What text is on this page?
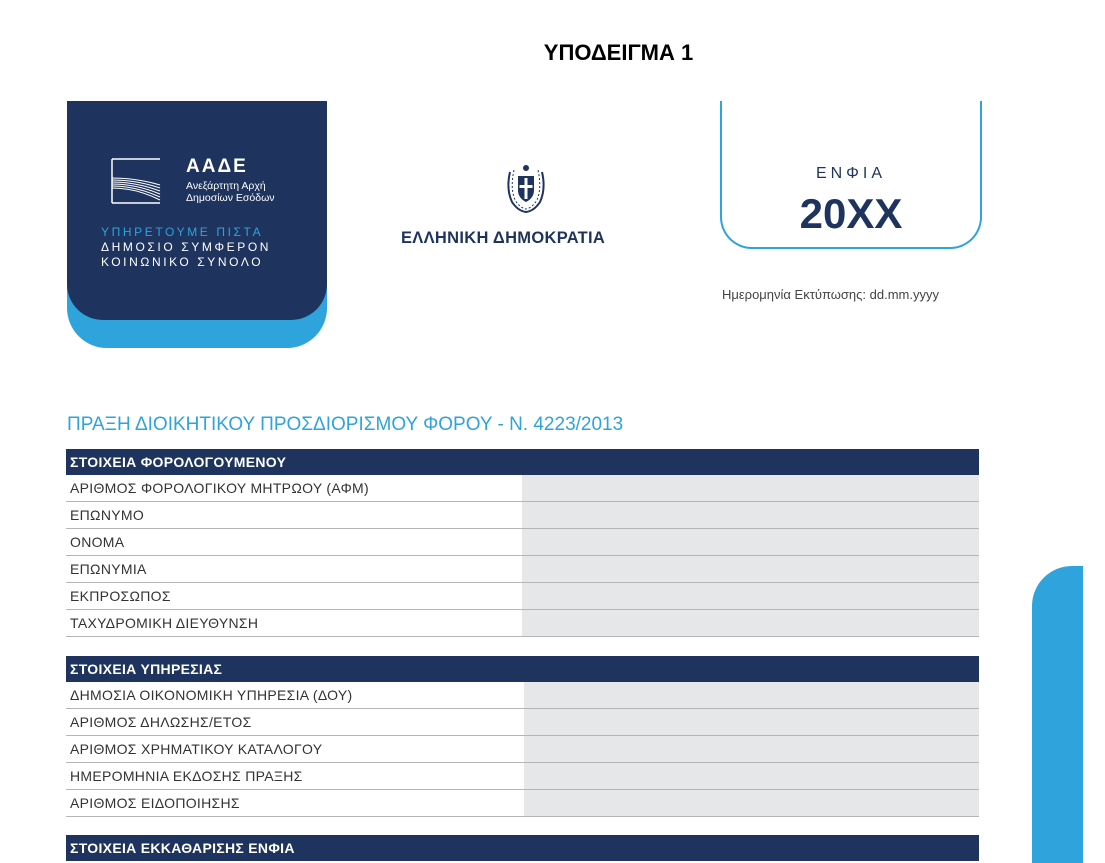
ΥΠΟΔΕΙΓΜΑ 1
ΑΑΔΕ
Ανεξάρτητη Αρχή
Δημοσίων Εσόδων
ΥΠΗΡΕΤΟΥΜΕ ΠΙΣΤΑ
ΔΗΜΟΣΙΟ ΣΥΜΦΕΡΟΝ
ΚΟΙΝΩΝΙΚΟ ΣΥΝΟΛΟ
ΕΛΛΗΝΙΚΗ ΔΗΜΟΚΡΑΤΙΑ
ΕΝΦΙΑ
20XX
Ημερομηνία Εκτύπωσης: dd.mm.yyyy
ΠΡΑΞΗ ΔΙΟΙΚΗΤΙΚΟΥ ΠΡΟΣΔΙΟΡΙΣΜΟΥ ΦΟΡΟΥ - Ν. 4223/2013
ΣΤΟΙΧΕΙΑ ΦΟΡΟΛΟΓΟΥΜΕΝΟΥ
ΑΡΙΘΜΟΣ ΦΟΡΟΛΟΓΙΚΟΥ ΜΗΤΡΩΟΥ (ΑΦΜ)
ΕΠΩΝΥΜΟ
ΟΝΟΜΑ
ΕΠΩΝΥΜΙΑ
ΕΚΠΡΟΣΩΠΟΣ
ΤΑΧΥΔΡΟΜΙΚΗ ΔΙΕΥΘΥΝΣΗ
ΣΤΟΙΧΕΙΑ ΥΠΗΡΕΣΙΑΣ
ΔΗΜΟΣΙΑ ΟΙΚΟΝΟΜΙΚΗ ΥΠΗΡΕΣΙΑ (ΔΟΥ)
ΑΡΙΘΜΟΣ ΔΗΛΩΣΗΣ/ΕΤΟΣ
ΑΡΙΘΜΟΣ ΧΡΗΜΑΤΙΚΟΥ ΚΑΤΑΛΟΓΟΥ
ΗΜΕΡΟΜΗΝΙΑ ΕΚΔΟΣΗΣ ΠΡΑΞΗΣ
ΑΡΙΘΜΟΣ ΕΙΔΟΠΟΙΗΣΗΣ
ΣΤΟΙΧΕΙΑ ΕΚΚΑΘΑΡΙΣΗΣ ΕΝΦΙΑ
